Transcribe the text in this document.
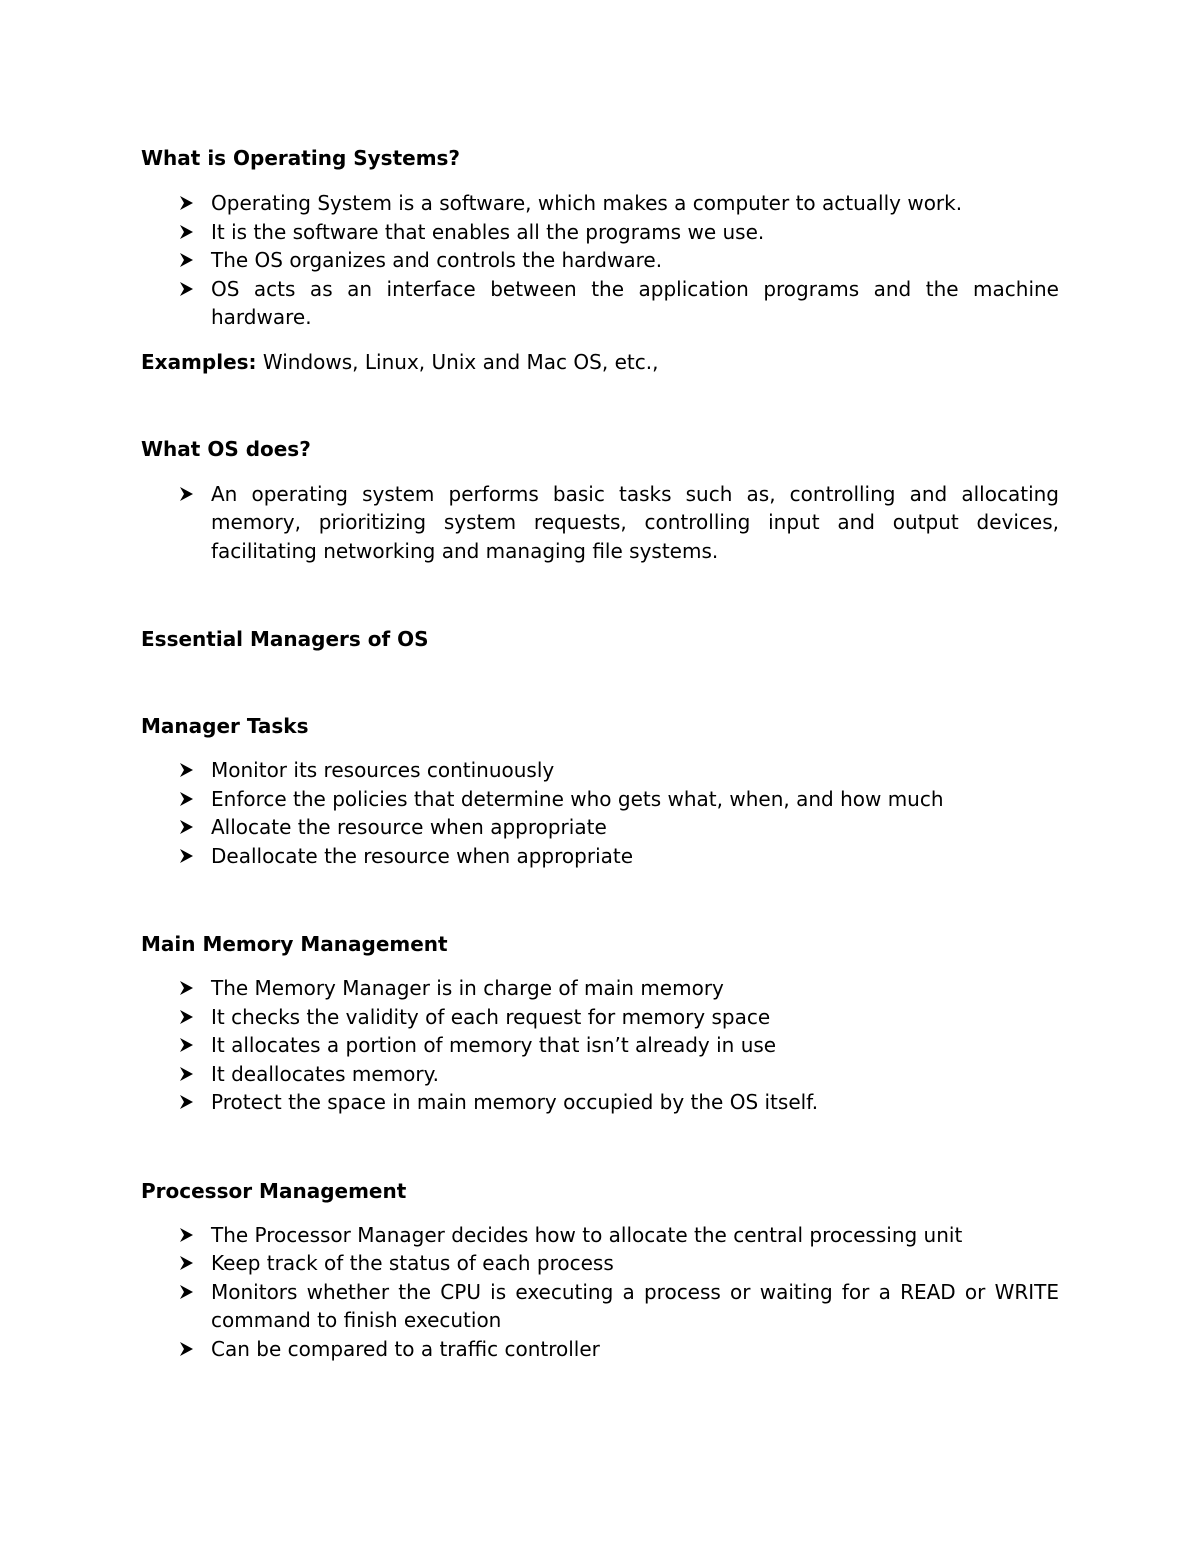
What is Operating Systems?
Operating System is a software, which makes a computer to actually work.
It is the software that enables all the programs we use.
The OS organizes and controls the hardware.
OS acts as an interface between the application programs and the machine hardware.

Examples: Windows, Linux, Unix and Mac OS, etc.,

What OS does?
An operating system performs basic tasks such as, controlling and allocating memory, prioritizing system requests, controlling input and output devices, facilitating networking and managing file systems.
Essential Managers of OS
Manager Tasks
Monitor its resources continuously
Enforce the policies that determine who gets what, when, and how much
Allocate the resource when appropriate
Deallocate the resource when appropriate
Main Memory Management
The Memory Manager is in charge of main memory
It checks the validity of each request for memory space
It allocates a portion of memory that isn’t already in use
It deallocates memory.
Protect the space in main memory occupied by the OS itself.
Processor Management
The Processor Manager decides how to allocate the central processing unit
Keep track of the status of each process
Monitors whether the CPU is executing a process or waiting for a READ or WRITE command to finish execution
Can be compared to a traffic controller
